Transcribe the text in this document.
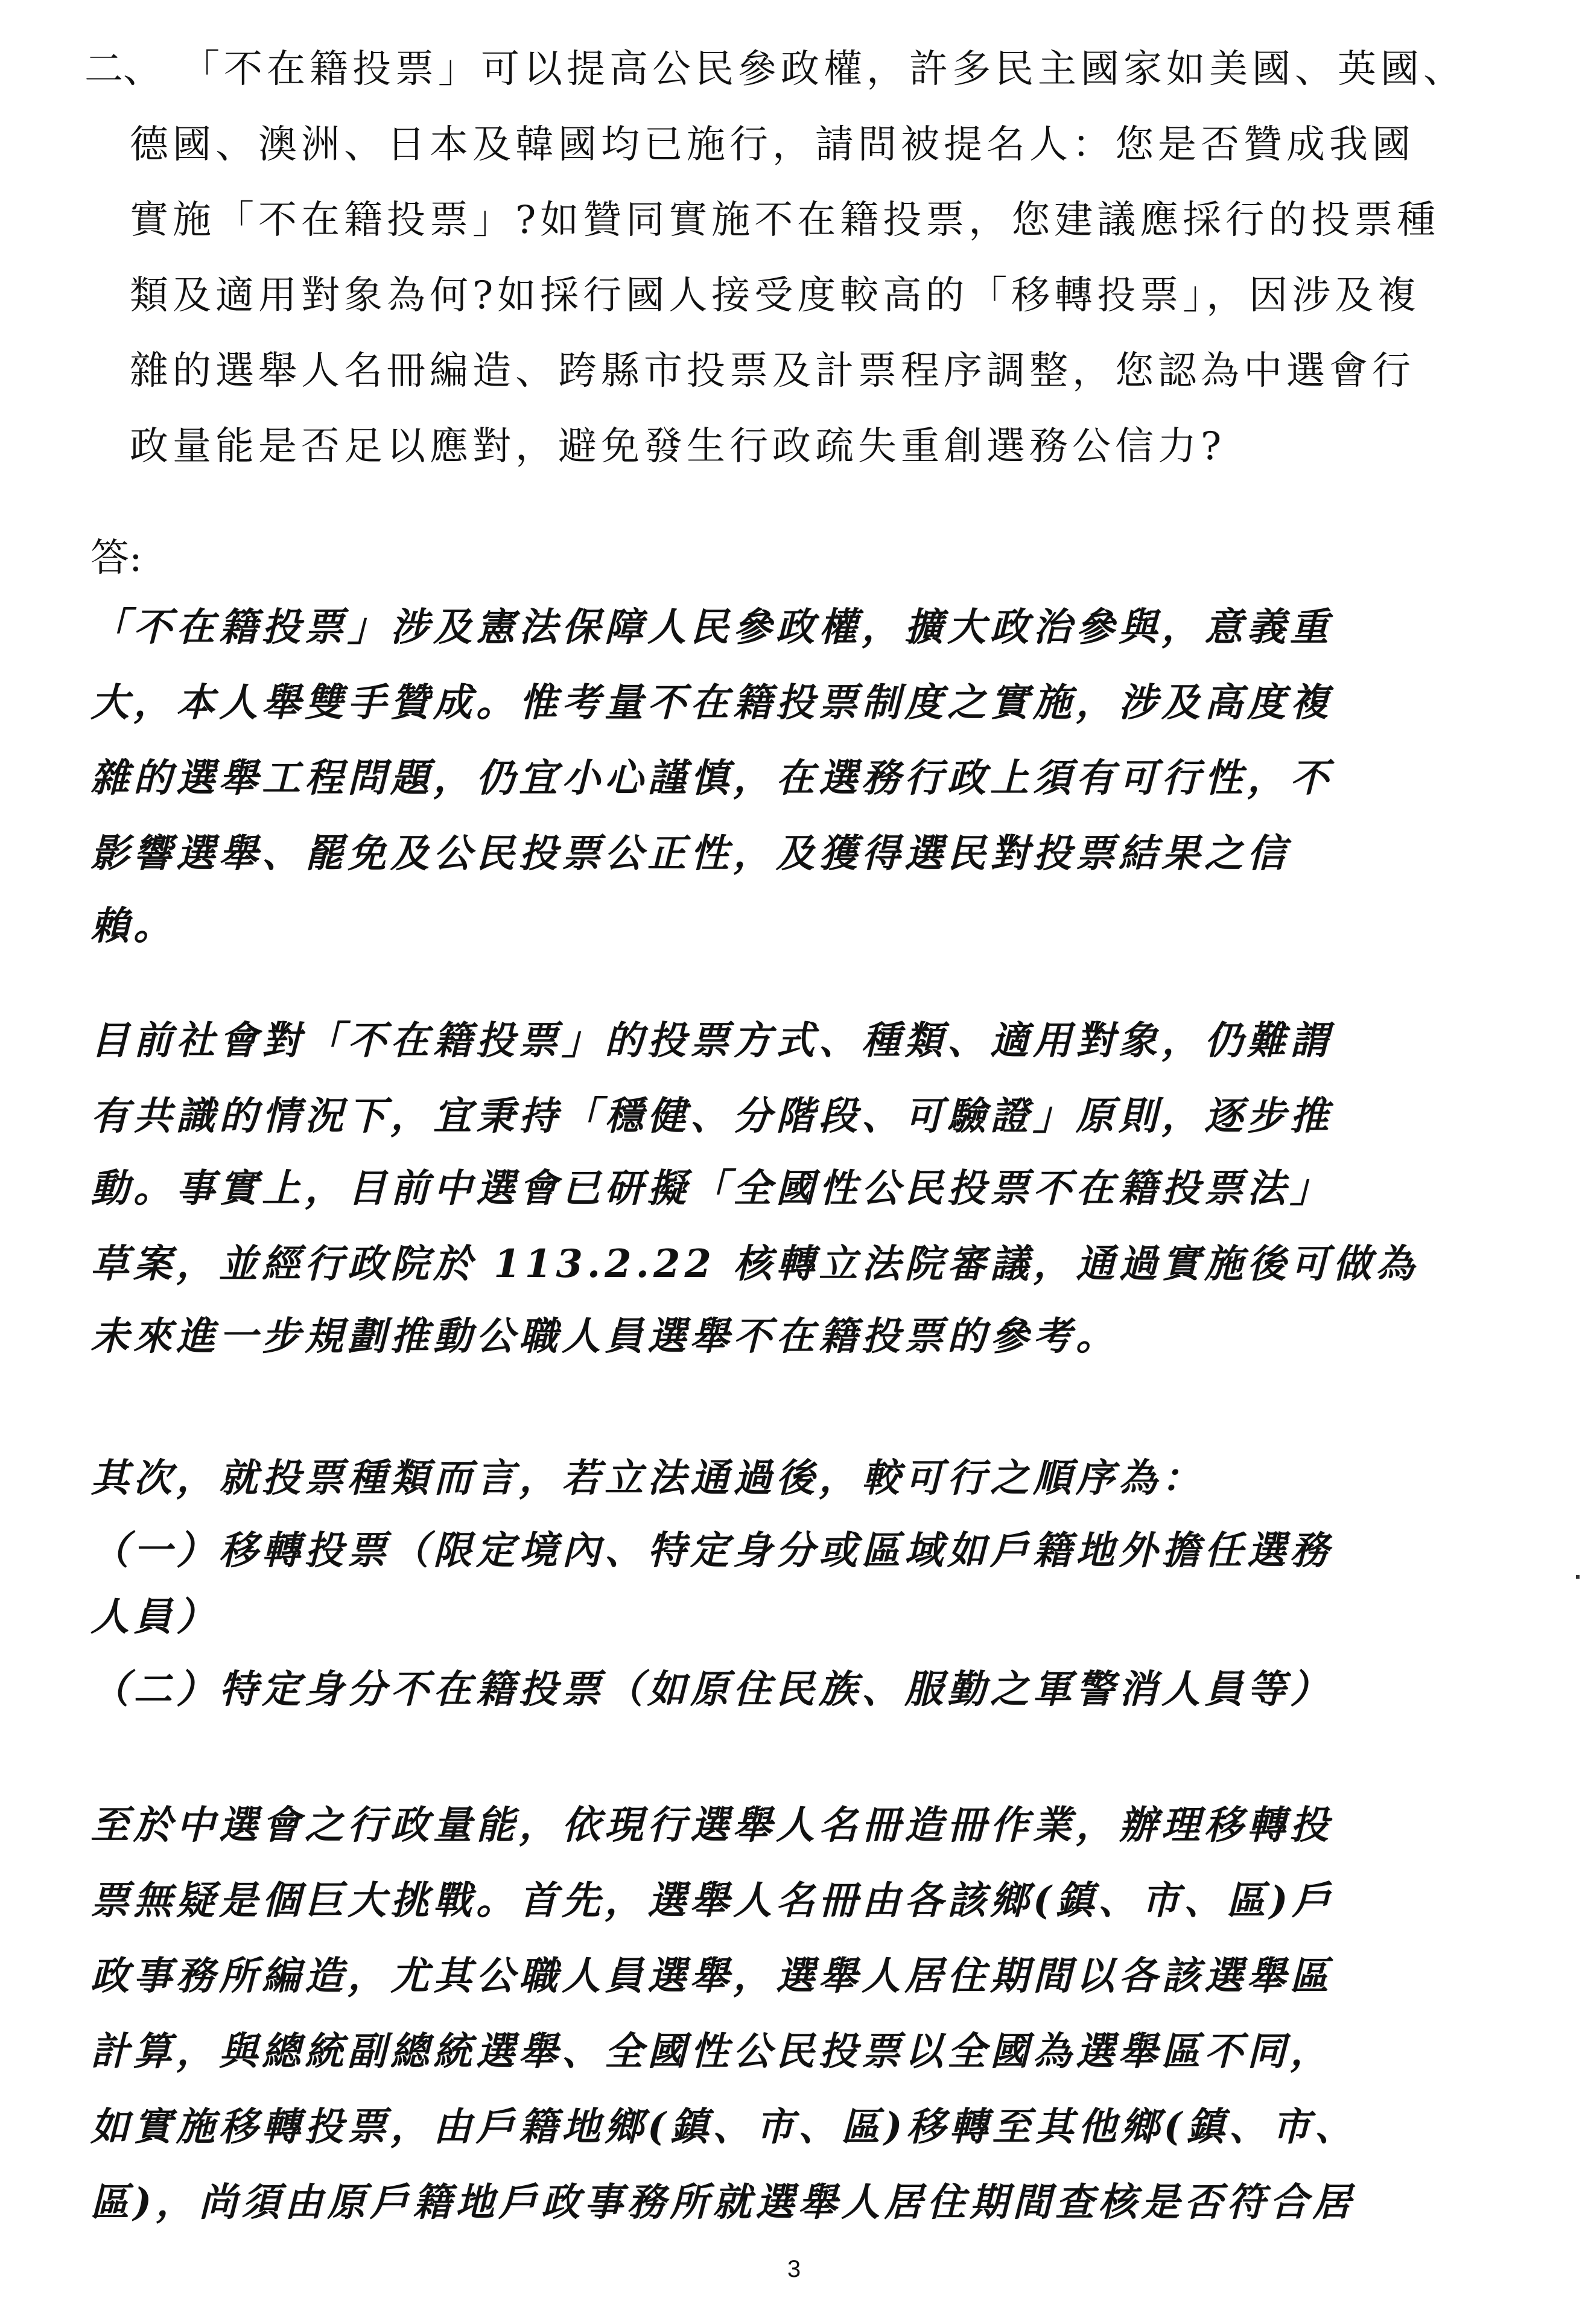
二、 「不在籍投票」可以提高公民參政權，許多民主國家如美國、英國、
德國、澳洲、日本及韓國均已施行，請問被提名人：您是否贊成我國
實施「不在籍投票」?如贊同實施不在籍投票，您建議應採行的投票種
類及適用對象為何?如採行國人接受度較高的「移轉投票」，因涉及複
雜的選舉人名冊編造、跨縣市投票及計票程序調整，您認為中選會行
政量能是否足以應對，避免發生行政疏失重創選務公信力?
答:
「不在籍投票」涉及憲法保障人民參政權，擴大政治參與，意義重
大，本人舉雙手贊成。惟考量不在籍投票制度之實施，涉及高度複
雜的選舉工程問題，仍宜小心謹慎，在選務行政上須有可行性，不
影響選舉、罷免及公民投票公正性，及獲得選民對投票結果之信
賴。
目前社會對「不在籍投票」的投票方式、種類、適用對象，仍難謂
有共識的情況下，宜秉持「穩健、分階段、可驗證」原則，逐步推
動。事實上，目前中選會已研擬「全國性公民投票不在籍投票法」
草案，並經行政院於 113.2.22 核轉立法院審議，通過實施後可做為
未來進一步規劃推動公職人員選舉不在籍投票的參考。
其次，就投票種類而言，若立法通過後，較可行之順序為：
（一）移轉投票（限定境內、特定身分或區域如戶籍地外擔任選務
人員）
（二）特定身分不在籍投票（如原住民族、服勤之軍警消人員等）
至於中選會之行政量能，依現行選舉人名冊造冊作業，辦理移轉投
票無疑是個巨大挑戰。首先，選舉人名冊由各該鄉(鎮、市、區)戶
政事務所編造，尤其公職人員選舉，選舉人居住期間以各該選舉區
計算，與總統副總統選舉、全國性公民投票以全國為選舉區不同，
如實施移轉投票，由戶籍地鄉(鎮、市、區)移轉至其他鄉(鎮、市、
區)，尚須由原戶籍地戶政事務所就選舉人居住期間查核是否符合居
3
